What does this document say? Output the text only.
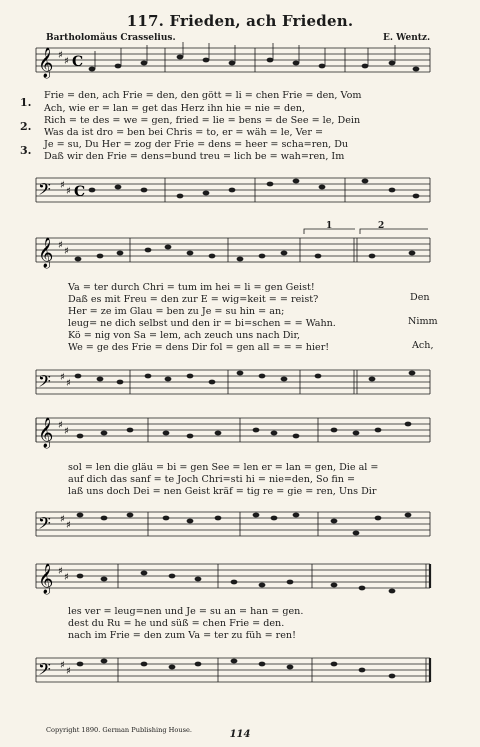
117. Frieden, ach Frieden.
Bartholomäus Crasselius.	E. Wentz.
𝄞 ♯
♯ C
1.
2.
3.
Frie = den, ach Frie = den, den gött = li = chen Frie = den, Vom
Ach, wie er = lan = get das Herz ihn hie = nie = den,
Rich = te des = we = gen, fried = lie = bens = de See = le, Dein
Was da ist dro = ben bei Chris = to, er = wäh = le, Ver =
Je = su, Du Her = zog der Frie = dens = heer = scha=ren, Du
Daß wir den Frie = dens=bund treu = lich be = wah=ren, Im
𝄢 ♯
♯ C
1	2
𝄞 ♯
♯
Va = ter durch Chri = tum im hei = li = gen Geist!
Daß es mit Freu = den zur E = wig=keit = = reist?
Her = ze im Glau = ben zu Je = su hin = an;
leug= ne dich selbst und den ir = bi=schen = = Wahn.
Kö = nig von Sa = lem, ach zeuch uns nach Dir,
We = ge des Frie = dens Dir fol = gen all = = = hier!
Den
Nimm
Ach,
𝄢 ♯
♯
𝄞 ♯
♯
sol = len die gläu = bi = gen See = len er = lan = gen, Die al =
auf dich das sanf = te Joch Chri=sti hi = nie=den, So fin =
laß uns doch Dei = nen Geist kräf = tig re = gie = ren, Uns Dir
𝄢 ♯
♯
𝄞 ♯
♯
les ver = leug=nen und Je = su an = han = gen.
dest du Ru = he und süß = chen Frie = den.
nach im Frie = den zum Va = ter zu füh = ren!
𝄢 ♯
♯
Copyright 1890. German Publishing House.	114
